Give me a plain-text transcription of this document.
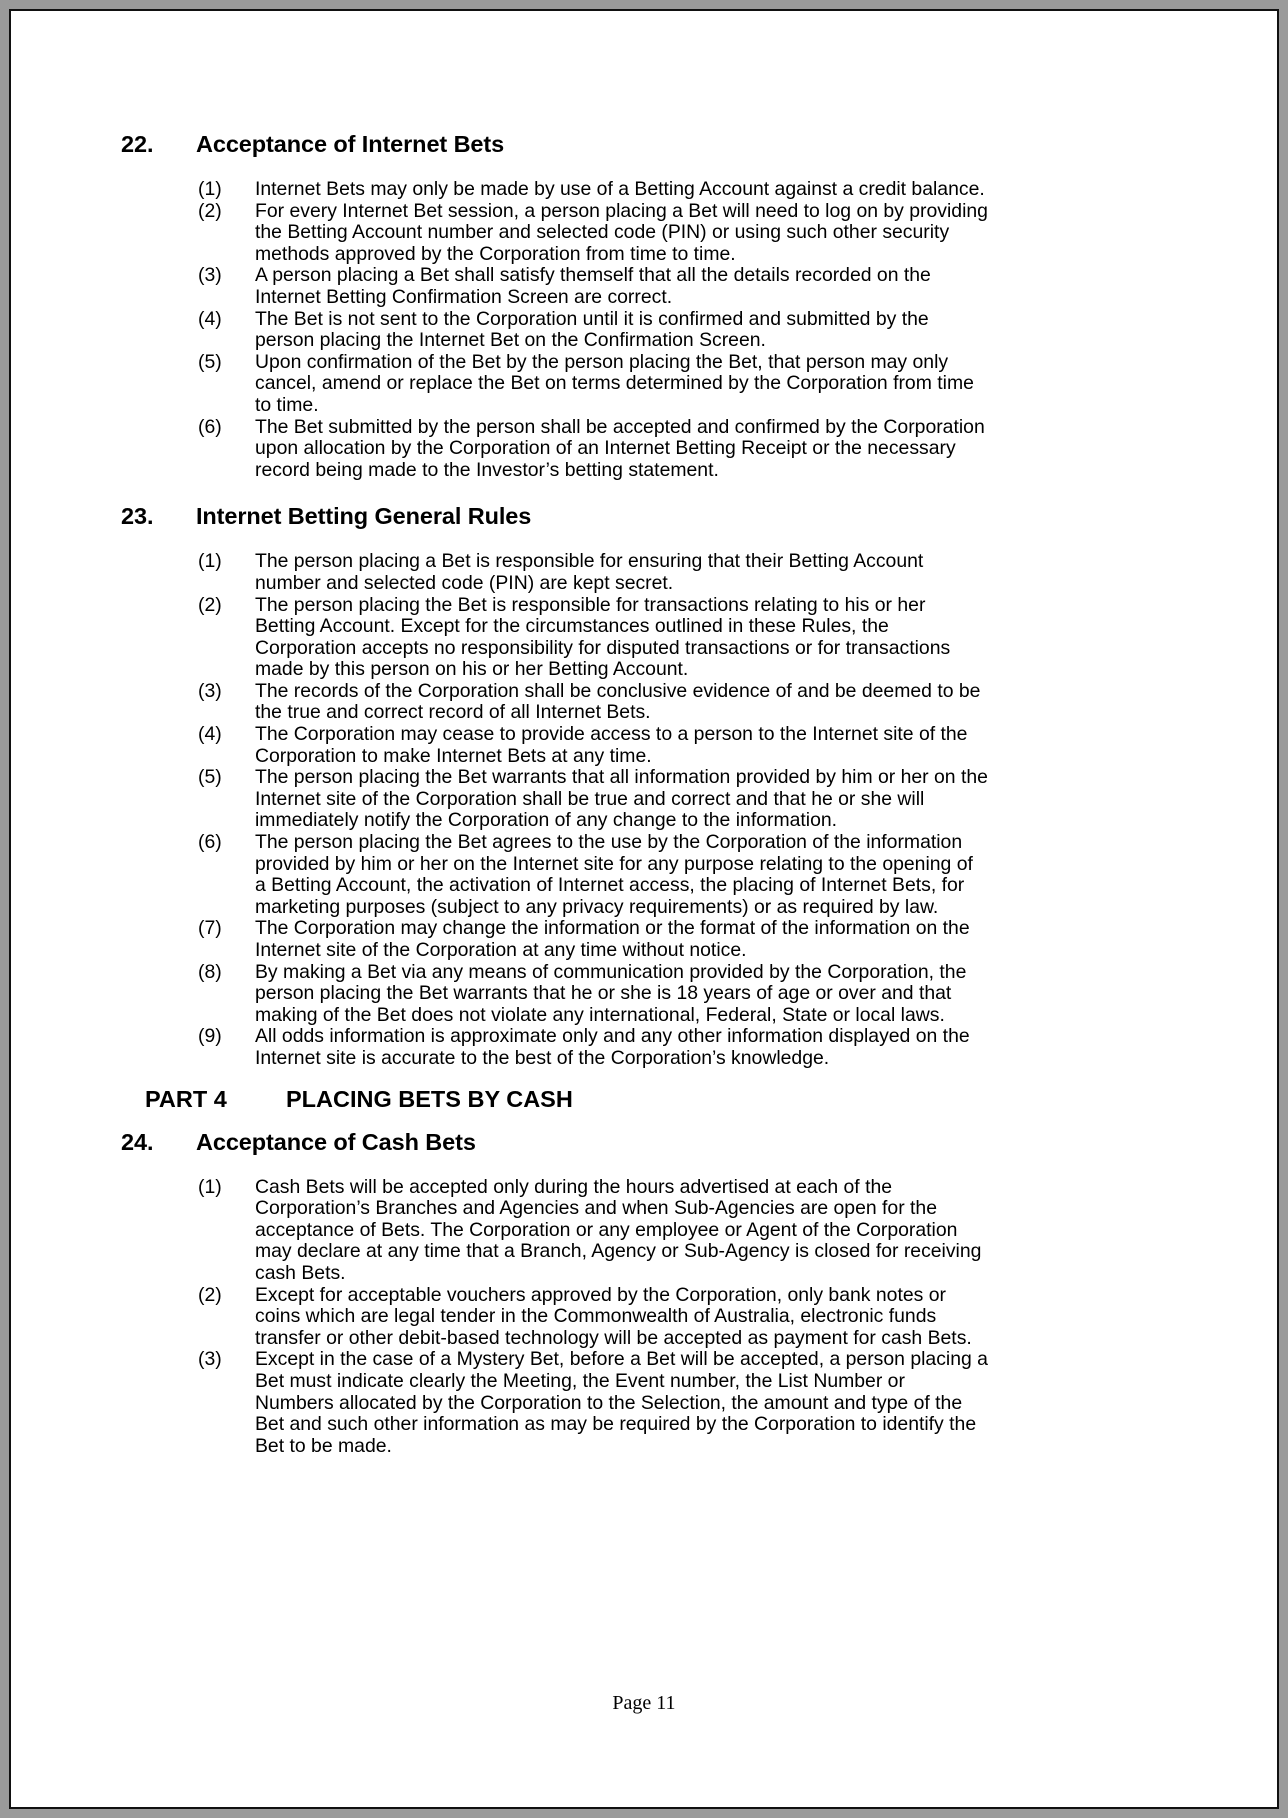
22.	Acceptance of Internet Bets
(1)	Internet Bets may only be made by use of a Betting Account against a credit balance.
(2)	For every Internet Bet session, a person placing a Bet will need to log on by providing the Betting Account number and selected code (PIN) or using such other security methods approved by the Corporation from time to time.
(3)	A person placing a Bet shall satisfy themself that all the details recorded on the Internet Betting Confirmation Screen are correct.
(4)	The Bet is not sent to the Corporation until it is confirmed and submitted by the person placing the Internet Bet on the Confirmation Screen.
(5)	Upon confirmation of the Bet by the person placing the Bet, that person may only cancel, amend or replace the Bet on terms determined by the Corporation from time to time.
(6)	The Bet submitted by the person shall be accepted and confirmed by the Corporation upon allocation by the Corporation of an Internet Betting Receipt or the necessary record being made to the Investor’s betting statement.
23.	Internet Betting General Rules
(1)	The person placing a Bet is responsible for ensuring that their Betting Account number and selected code (PIN) are kept secret.
(2)	The person placing the Bet is responsible for transactions relating to his or her Betting Account. Except for the circumstances outlined in these Rules, the Corporation accepts no responsibility for disputed transactions or for transactions made by this person on his or her Betting Account.
(3)	The records of the Corporation shall be conclusive evidence of and be deemed to be the true and correct record of all Internet Bets.
(4)	The Corporation may cease to provide access to a person to the Internet site of the Corporation to make Internet Bets at any time.
(5)	The person placing the Bet warrants that all information provided by him or her on the Internet site of the Corporation shall be true and correct and that he or she will immediately notify the Corporation of any change to the information.
(6)	The person placing the Bet agrees to the use by the Corporation of the information provided by him or her on the Internet site for any purpose relating to the opening of a Betting Account, the activation of Internet access, the placing of Internet Bets, for marketing purposes (subject to any privacy requirements) or as required by law.
(7)	The Corporation may change the information or the format of the information on the Internet site of the Corporation at any time without notice.
(8)	By making a Bet via any means of communication provided by the Corporation, the person placing the Bet warrants that he or she is 18 years of age or over and that making of the Bet does not violate any international, Federal, State or local laws.
(9)	All odds information is approximate only and any other information displayed on the Internet site is accurate to the best of the Corporation’s knowledge.
PART 4	PLACING BETS BY CASH
24.	Acceptance of Cash Bets
(1)	Cash Bets will be accepted only during the hours advertised at each of the Corporation’s Branches and Agencies and when Sub-Agencies are open for the acceptance of Bets. The Corporation or any employee or Agent of the Corporation may declare at any time that a Branch, Agency or Sub-Agency is closed for receiving cash Bets.
(2)	Except for acceptable vouchers approved by the Corporation, only bank notes or coins which are legal tender in the Commonwealth of Australia, electronic funds transfer or other debit-based technology will be accepted as payment for cash Bets.
(3)	Except in the case of a Mystery Bet, before a Bet will be accepted, a person placing a Bet must indicate clearly the Meeting, the Event number, the List Number or Numbers allocated by the Corporation to the Selection, the amount and type of the Bet and such other information as may be required by the Corporation to identify the Bet to be made.
Page 11
